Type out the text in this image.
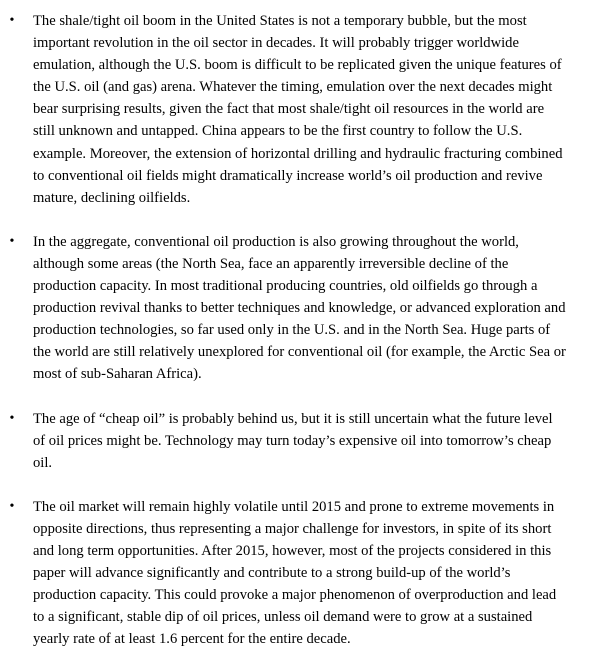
•	The shale/tight oil boom in the United States is not a temporary bubble, but the most important revolution in the oil sector in decades. It will probably trigger worldwide emulation, although the U.S. boom is difficult to be replicated given the unique features of the U.S. oil (and gas) arena. Whatever the timing, emulation over the next decades might bear surprising results, given the fact that most shale/tight oil resources in the world are still unknown and untapped. China appears to be the first country to follow the U.S. example. Moreover, the extension of horizontal drilling and hydraulic fracturing combined to conventional oil fields might dramatically increase world’s oil production and revive mature, declining oilfields.
•	In the aggregate, conventional oil production is also growing throughout the world, although some areas (the North Sea, face an apparently irreversible decline of the production capacity. In most traditional producing countries, old oilfields go through a production revival thanks to better techniques and knowledge, or advanced exploration and production technologies, so far used only in the U.S. and in the North Sea. Huge parts of the world are still relatively unexplored for conventional oil (for example, the Arctic Sea or most of sub-Saharan Africa).
•	The age of “cheap oil” is probably behind us, but it is still uncertain what the future level of oil prices might be. Technology may turn today’s expensive oil into tomorrow’s cheap oil.
•	The oil market will remain highly volatile until 2015 and prone to extreme movements in opposite directions, thus representing a major challenge for investors, in spite of its short and long term opportunities. After 2015, however, most of the projects considered in this paper will advance significantly and contribute to a strong build-up of the world’s production capacity. This could provoke a major phenomenon of overproduction and lead to a significant, stable dip of oil prices, unless oil demand were to grow at a sustained yearly rate of at least 1.6 percent for the entire decade.
